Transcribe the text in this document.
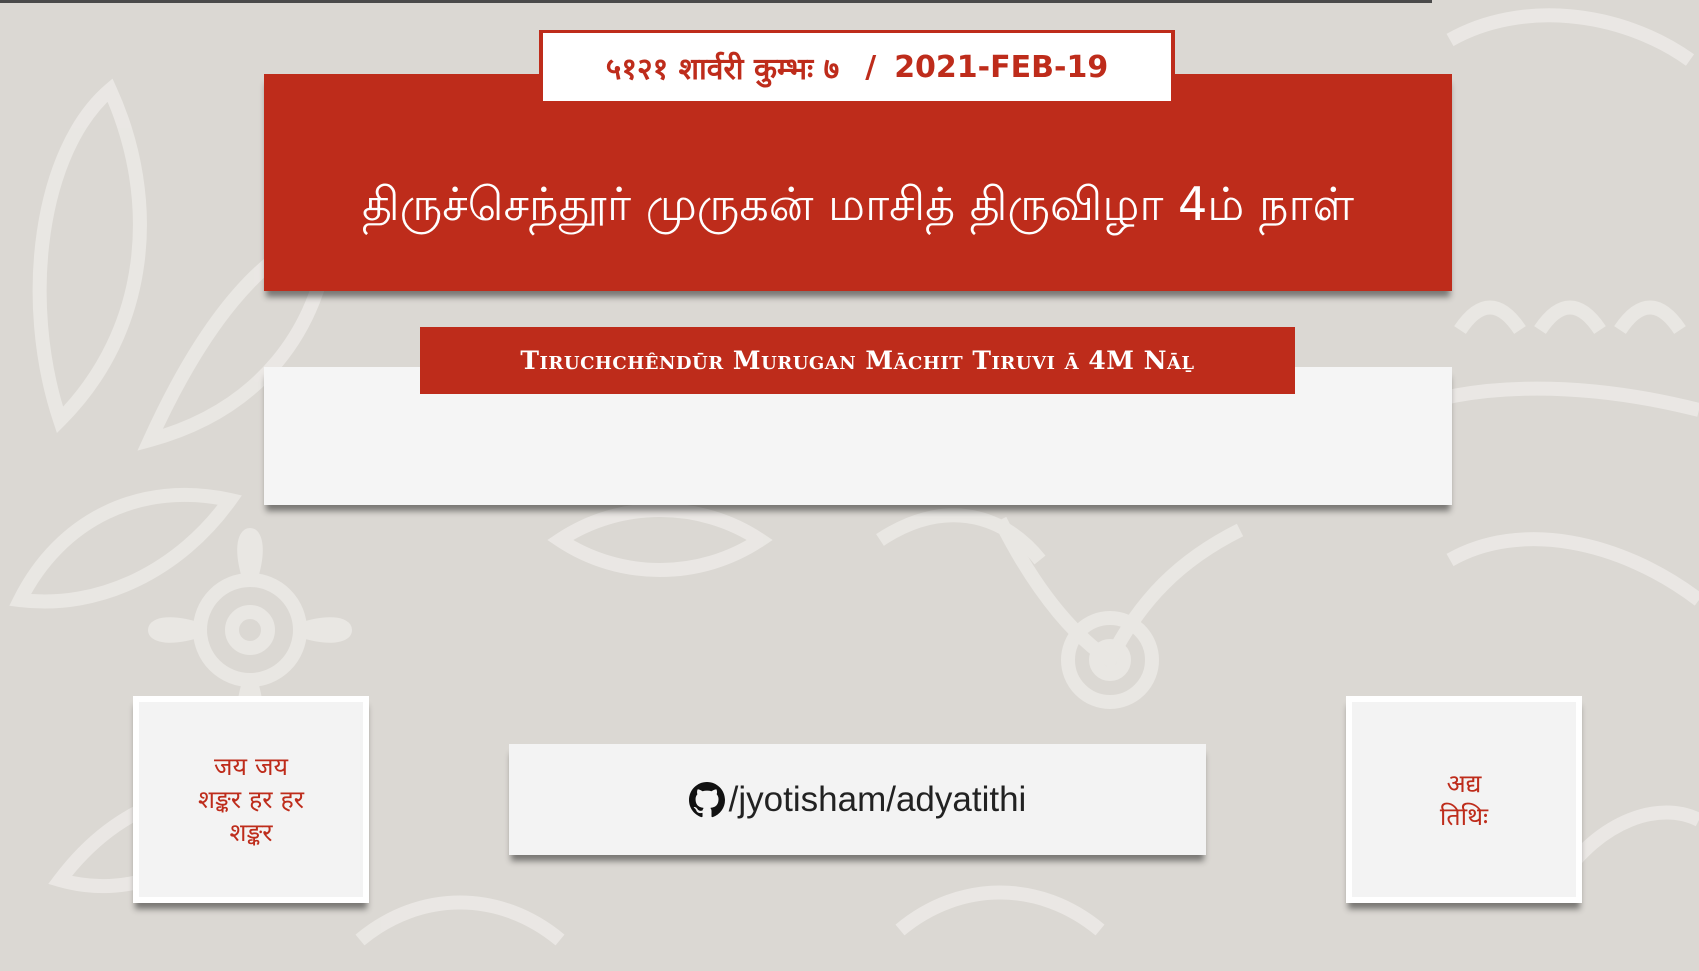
திருச்செந்தூர் முருகன் மாசித் திருவிழா 4ம் நாள்
५१२१ शार्वरी कुम्भः ७ / 2021-FEB-19
Tiruchchêndūr Murugan Māchit Tiruvi ā 4M Nāḻ
जय जय शङ्कर हर हर शङ्कर
अद्य तिथिः
/jyotisham/adyatithi
